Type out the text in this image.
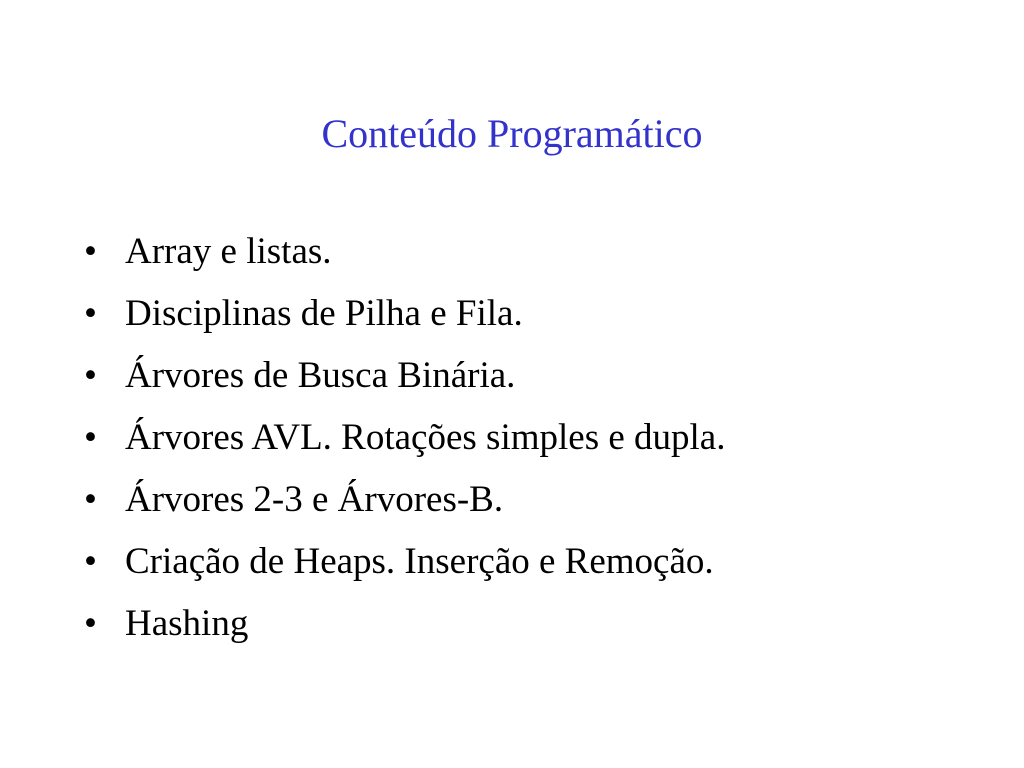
Conteúdo Programático
• Array e listas.
• Disciplinas de Pilha e Fila.
• Árvores de Busca Binária.
• Árvores AVL. Rotações simples e dupla.
• Árvores 2-3 e Árvores-B.
• Criação de Heaps. Inserção e Remoção.
• Hashing
